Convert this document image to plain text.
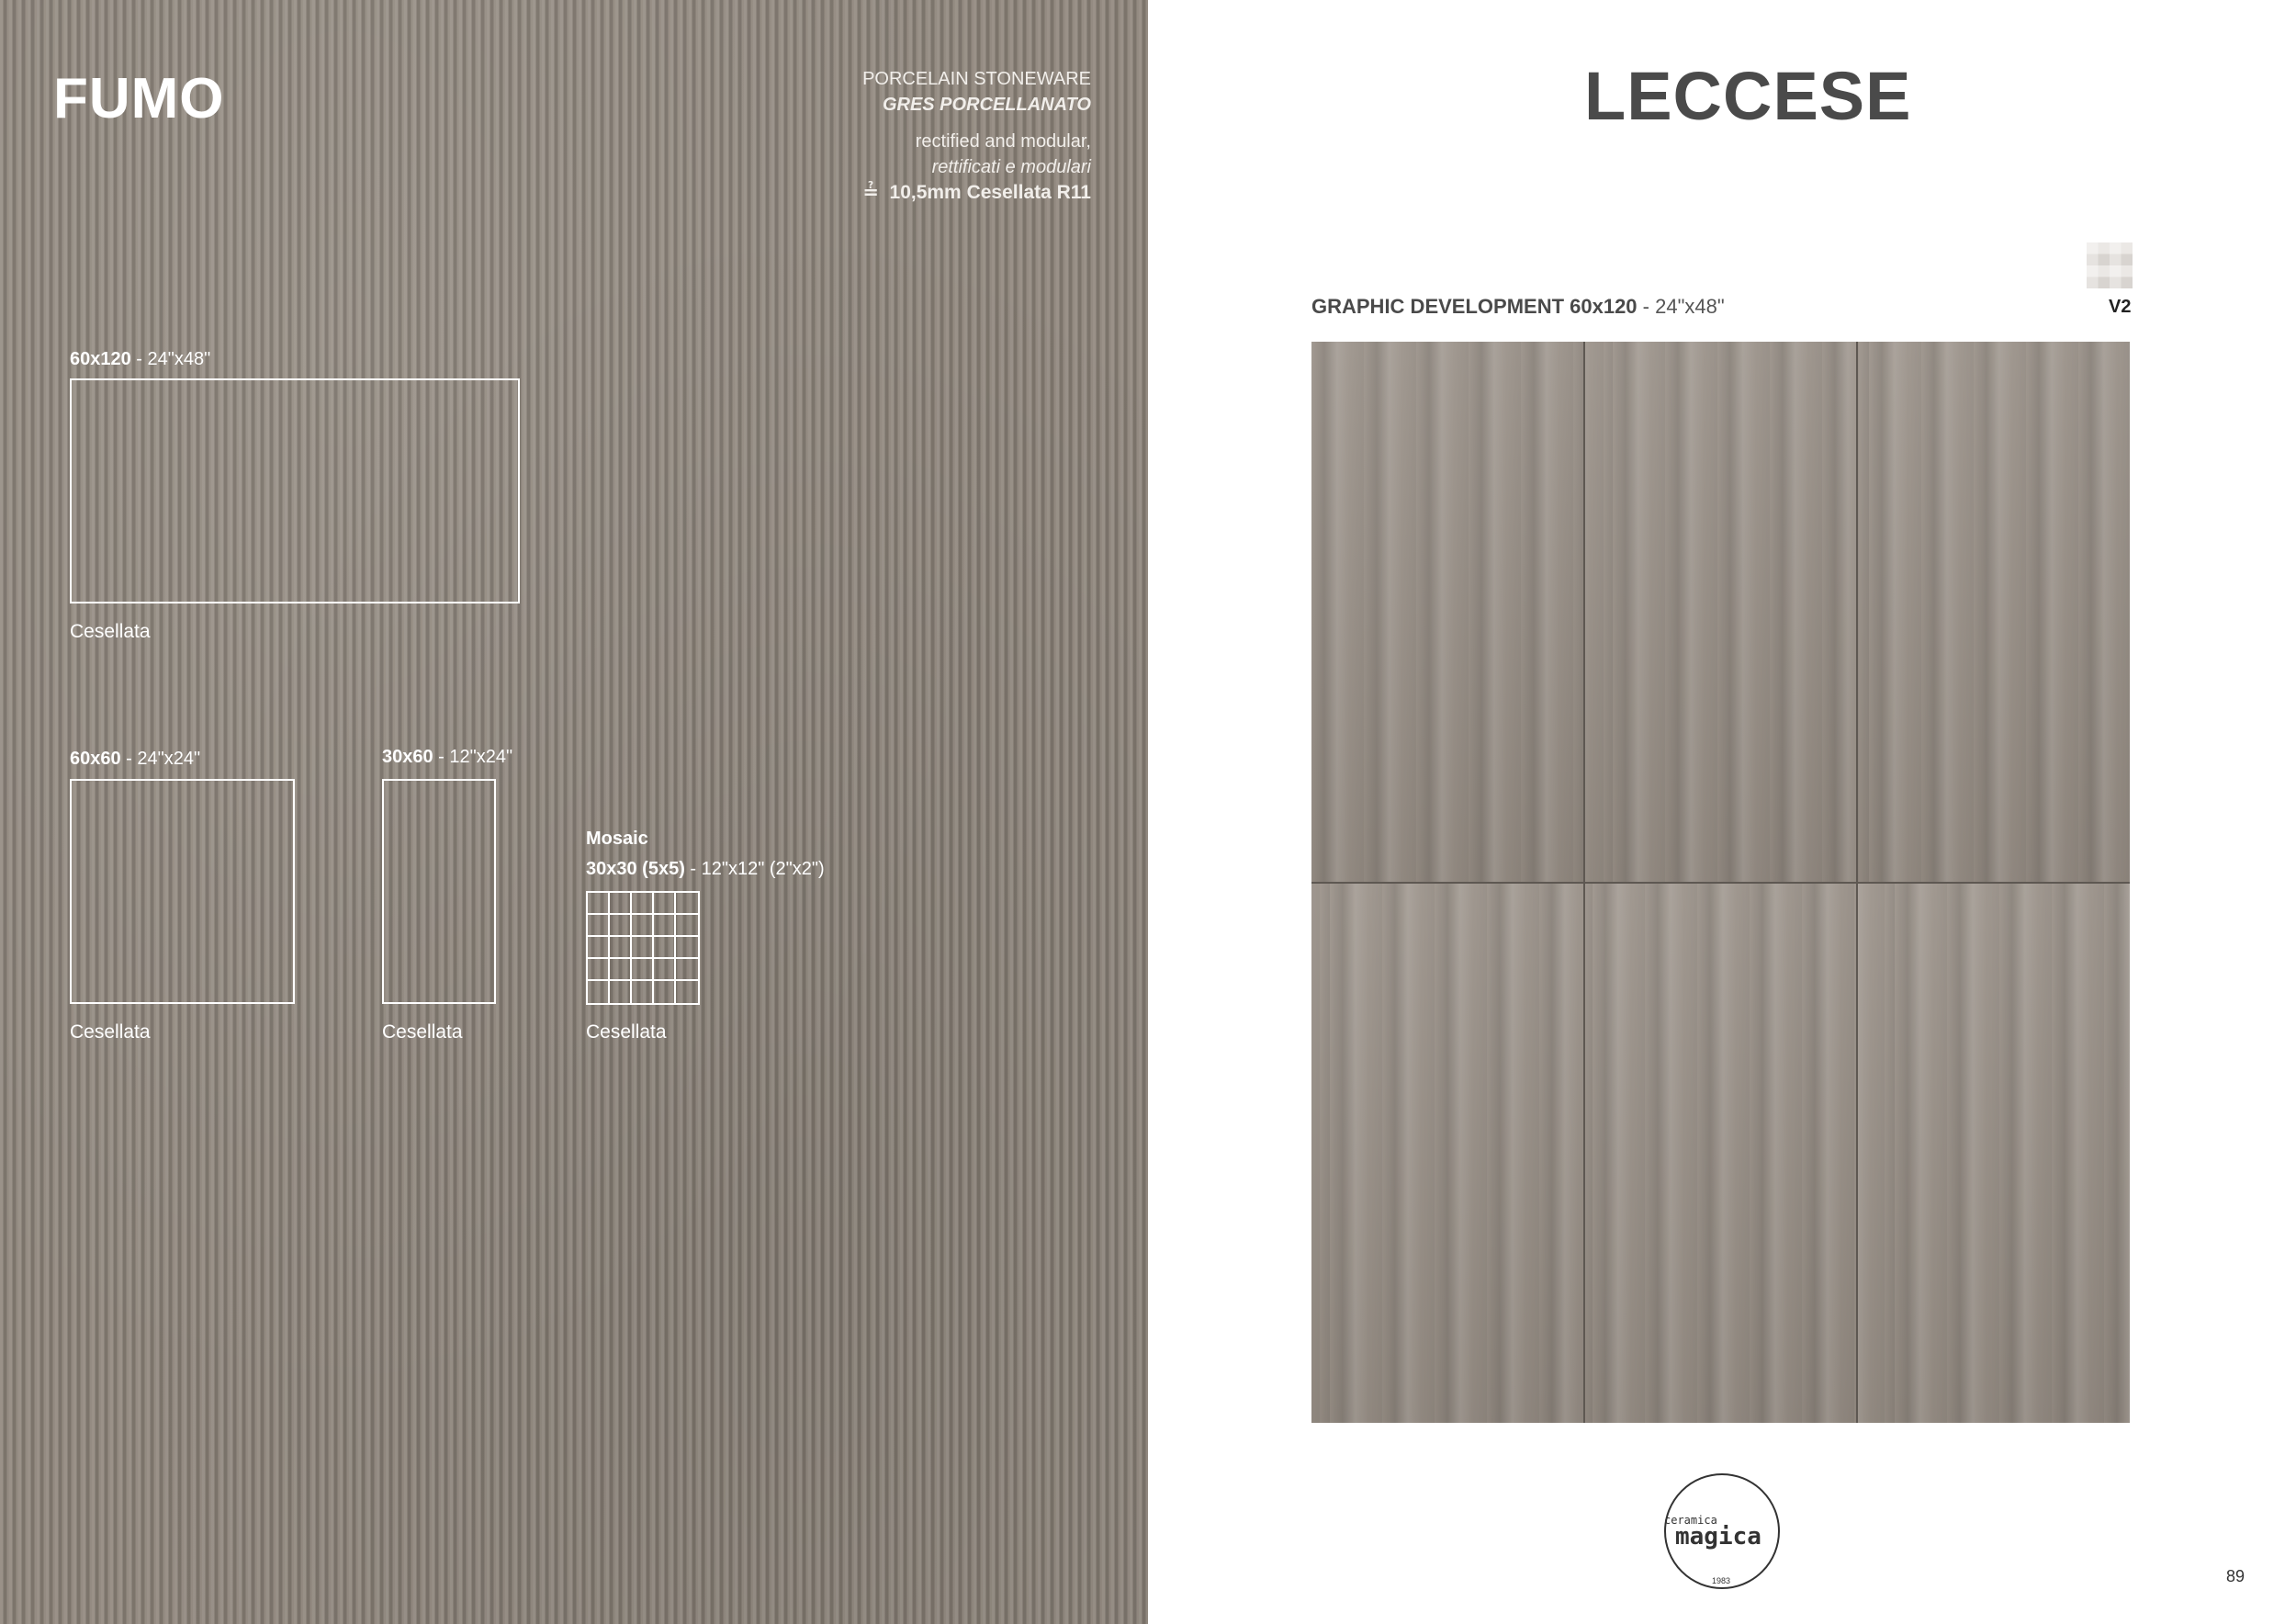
FUMO	PORCELAIN STONEWARE
GRES PORCELLANATO
rectified and modular,
rettificati e modulari
≟ 10,5mm Cesellata R11
60x120 - 24"x48"
Cesellata
60x60 - 24"x24"
Cesellata
30x60 - 12"x24"
Cesellata
Mosaic
30x30 (5x5) - 12"x12" (2"x2")
Cesellata
LECCESE
GRAPHIC DEVELOPMENT 60x120 - 24"x48"	V2
ceramica
magica
1983	89
